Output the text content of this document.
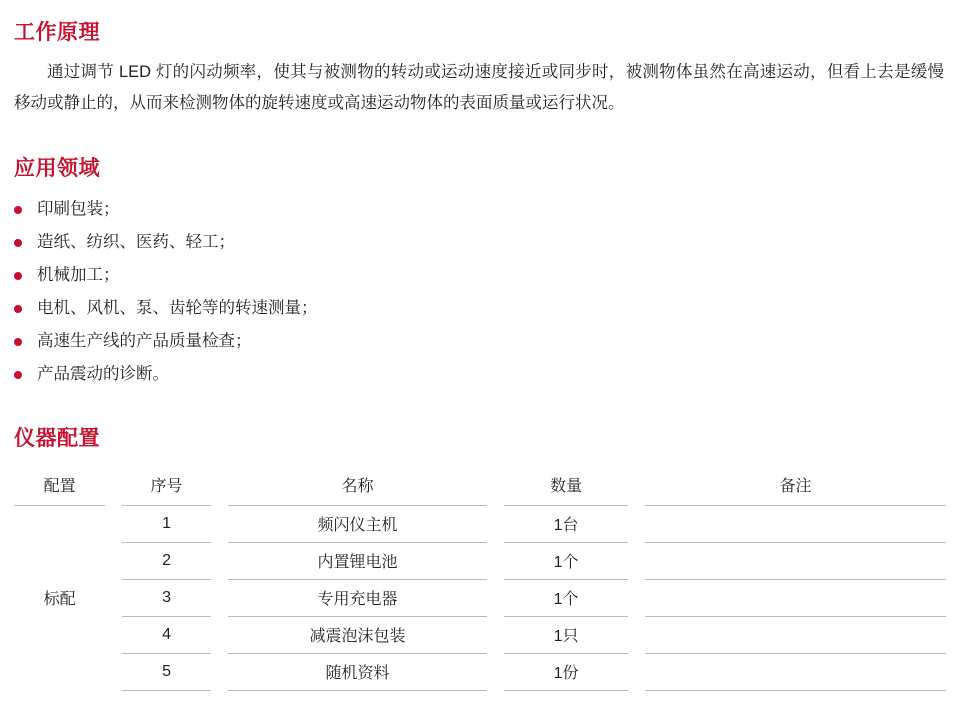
工作原理

通过调节 LED 灯的闪动频率，使其与被测物的转动或运动速度接近或同步时，被测物体虽然在高速运动，但看上去是缓慢移动或静止的，从而来检测物体的旋转速度或高速运动物体的表面质量或运行状况。

应用领域
印刷包装；
造纸、纺织、医药、轻工；
机械加工；
电机、风机、泵、齿轮等的转速测量；
高速生产线的产品质量检查；
产品震动的诊断。
仪器配置
配置		序号		名称		数量		备注
标配		1		频闪仪主机		1台		
		2		内置锂电池		1个		
		3		专用充电器		1个		
		4		减震泡沫包装		1只		
		5		随机资料		1份		
